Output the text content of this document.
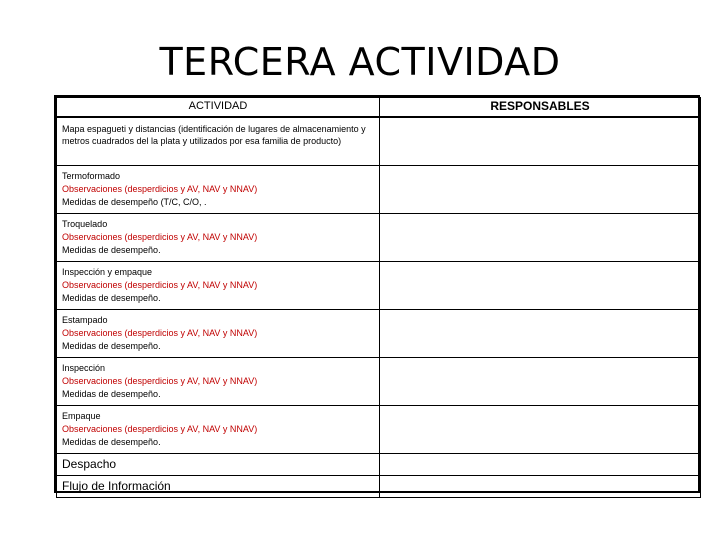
TERCERA ACTIVIDAD
ACTIVIDAD	RESPONSABLES

Mapa espagueti y distancias (identificación de lugares de almacenamiento y metros cuadrados del la plata y utilizados por esa familia de producto)	

Termoformado
Observaciones (desperdicios y AV, NAV y NNAV)
Medidas de desempeño (T/C, C/O, .	

Troquelado
Observaciones (desperdicios y AV, NAV y NNAV)
Medidas de desempeño.	

Inspección y empaque
Observaciones (desperdicios y AV, NAV y NNAV)
Medidas de desempeño.	

Estampado
Observaciones (desperdicios y AV, NAV y NNAV)
Medidas de desempeño.	

Inspección
Observaciones (desperdicios y AV, NAV y NNAV)
Medidas de desempeño.	

Empaque
Observaciones (desperdicios y AV, NAV y NNAV)
Medidas de desempeño.	

Despacho	

Flujo de Información	
